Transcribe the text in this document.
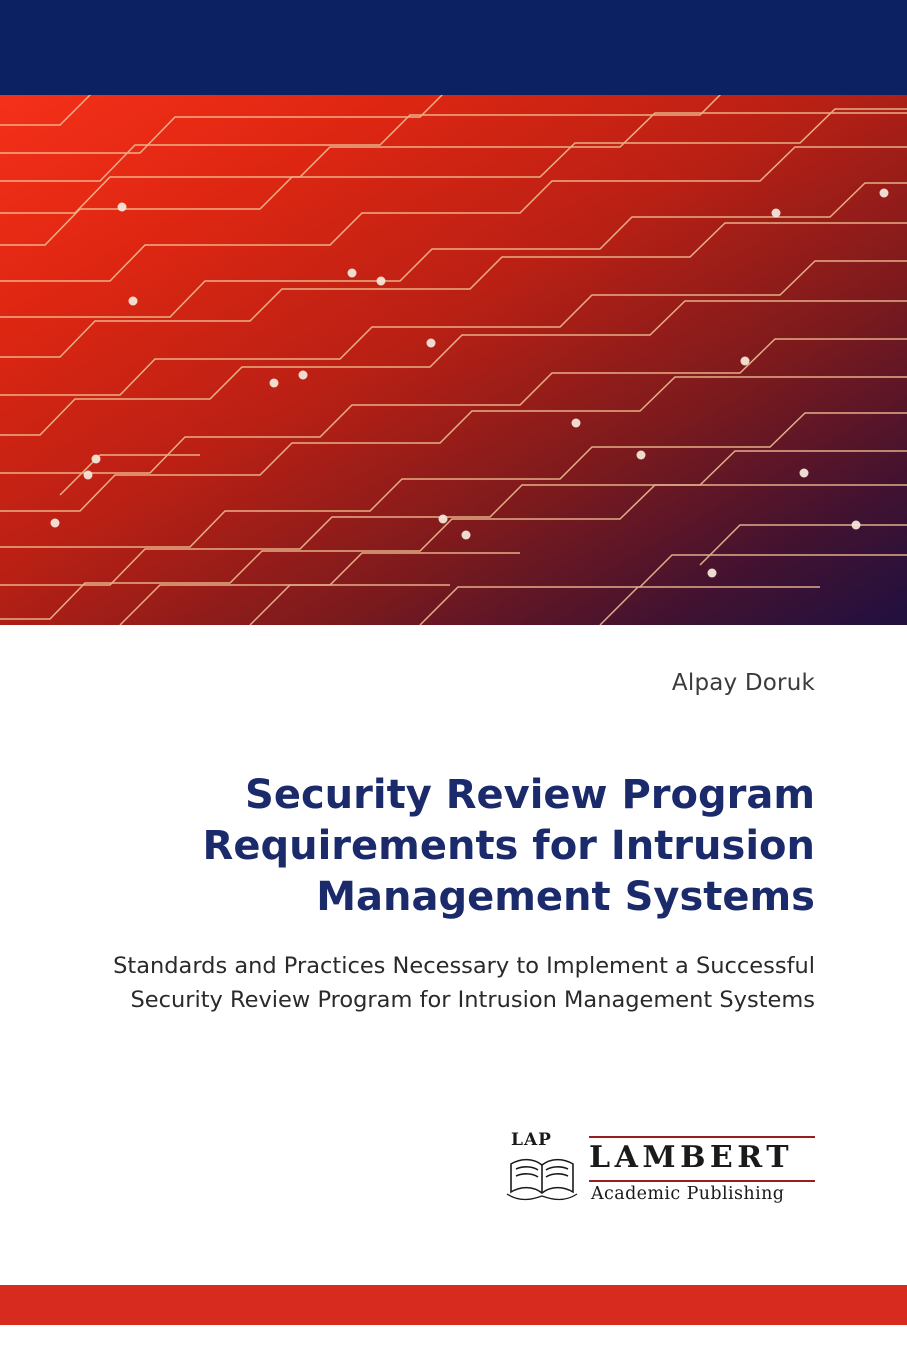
Alpay Doruk
Security Review Program Requirements for Intrusion Management Systems
Standards and Practices Necessary to Implement a Successful Security Review Program for Intrusion Management Systems
LAP LAMBERT
Academic Publishing
